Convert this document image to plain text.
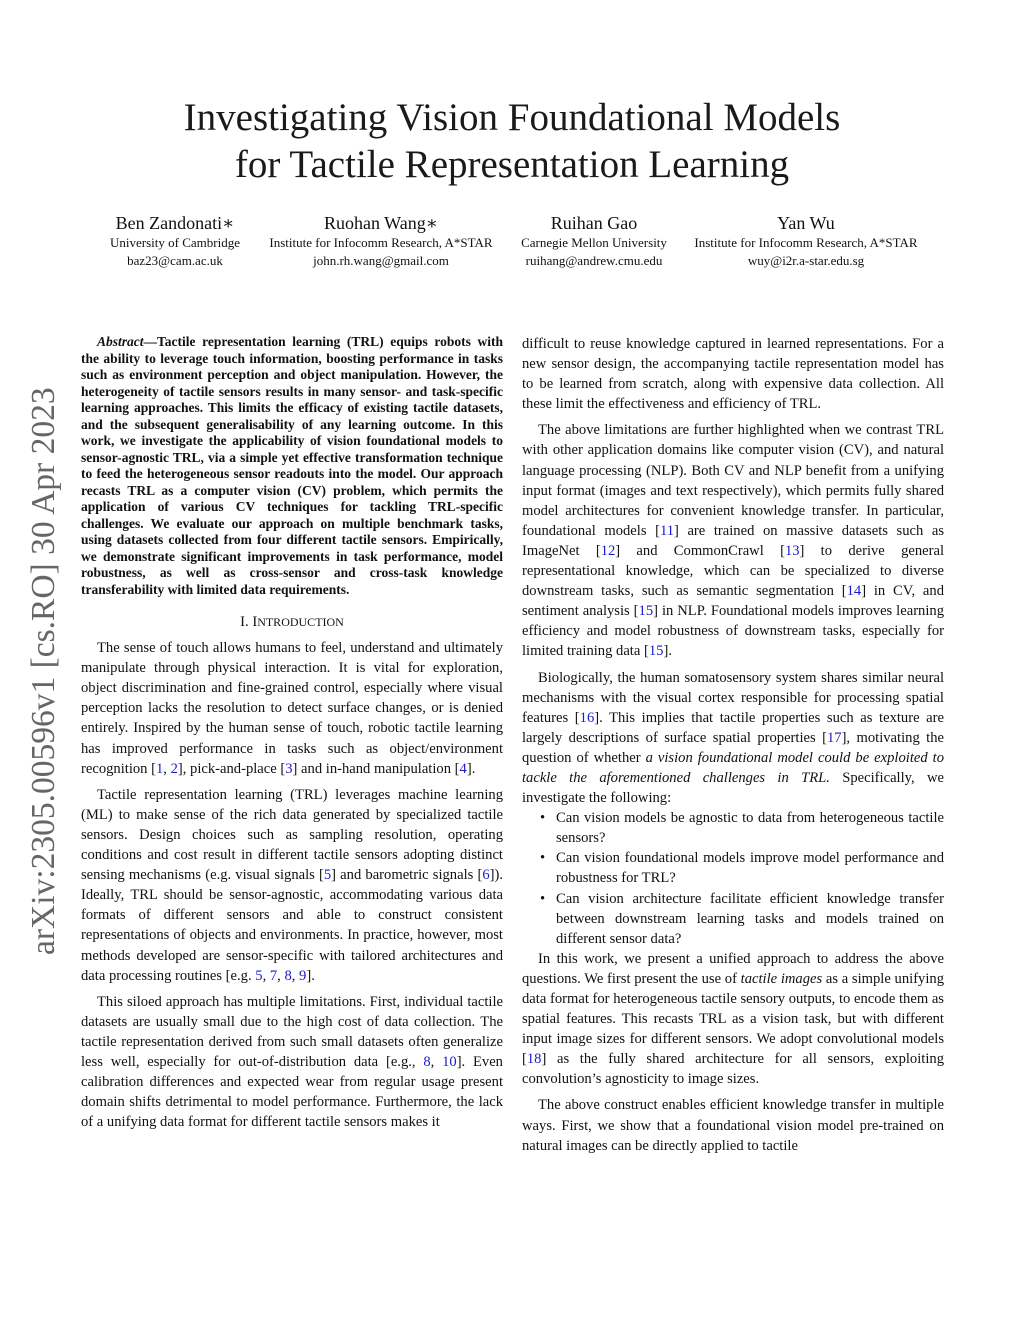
Investigating Vision Foundational Models
for Tactile Representation Learning
Ben Zandonati∗
University of Cambridge
baz23@cam.ac.uk
Ruohan Wang∗
Institute for Infocomm Research, A*STAR
john.rh.wang@gmail.com
Ruihan Gao
Carnegie Mellon University
ruihang@andrew.cmu.edu
Yan Wu
Institute for Infocomm Research, A*STAR
wuy@i2r.a-star.edu.sg
arXiv:2305.00596v1 [cs.RO] 30 Apr 2023

Abstract—Tactile representation learning (TRL) equips robots with the ability to leverage touch information, boosting performance in tasks such as environment perception and object manipulation. However, the heterogeneity of tactile sensors results in many sensor- and task-specific learning approaches. This limits the efficacy of existing tactile datasets, and the subsequent generalisability of any learning outcome. In this work, we investigate the applicability of vision foundational models to sensor-agnostic TRL, via a simple yet effective transformation technique to feed the heterogeneous sensor readouts into the model. Our approach recasts TRL as a computer vision (CV) problem, which permits the application of various CV techniques for tackling TRL-specific challenges. We evaluate our approach on multiple benchmark tasks, using datasets collected from four different tactile sensors. Empirically, we demonstrate significant improvements in task performance, model robustness, as well as cross-sensor and cross-task knowledge transferability with limited data requirements.

I. INTRODUCTION

The sense of touch allows humans to feel, understand and ultimately manipulate through physical interaction. It is vital for exploration, object discrimination and fine-grained control, especially where visual perception lacks the resolution to detect surface changes, or is denied entirely. Inspired by the human sense of touch, robotic tactile learning has improved performance in tasks such as object/environment recognition [1, 2], pick-and-place [3] and in-hand manipulation [4].

Tactile representation learning (TRL) leverages machine learning (ML) to make sense of the rich data generated by specialized tactile sensors. Design choices such as sampling resolution, operating conditions and cost result in different tactile sensors adopting distinct sensing mechanisms (e.g. visual signals [5] and barometric signals [6]). Ideally, TRL should be sensor-agnostic, accommodating various data formats of different sensors and able to construct consistent representations of objects and environments. In practice, however, most methods developed are sensor-specific with tailored architectures and data processing routines [e.g. 5, 7, 8, 9].

This siloed approach has multiple limitations. First, individual tactile datasets are usually small due to the high cost of data collection. The tactile representation derived from such small datasets often generalize less well, especially for out-of-distribution data [e.g., 8, 10]. Even calibration differences and expected wear from regular usage present domain shifts detrimental to model performance. Furthermore, the lack of a unifying data format for different tactile sensors makes it

difficult to reuse knowledge captured in learned representations. For a new sensor design, the accompanying tactile representation model has to be learned from scratch, along with expensive data collection. All these limit the effectiveness and efficiency of TRL.

The above limitations are further highlighted when we contrast TRL with other application domains like computer vision (CV), and natural language processing (NLP). Both CV and NLP benefit from a unifying input format (images and text respectively), which permits fully shared model architectures for convenient knowledge transfer. In particular, foundational models [11] are trained on massive datasets such as ImageNet [12] and CommonCrawl [13] to derive general representational knowledge, which can be specialized to diverse downstream tasks, such as semantic segmentation [14] in CV, and sentiment analysis [15] in NLP. Foundational models improves learning efficiency and model robustness of downstream tasks, especially for limited training data [15].

Biologically, the human somatosensory system shares similar neural mechanisms with the visual cortex responsible for processing spatial features [16]. This implies that tactile properties such as texture are largely descriptions of surface spatial properties [17], motivating the question of whether a vision foundational model could be exploited to tackle the aforementioned challenges in TRL. Specifically, we investigate the following:

• Can vision models be agnostic to data from heterogeneous tactile sensors?
• Can vision foundational models improve model performance and robustness for TRL?
• Can vision architecture facilitate efficient knowledge transfer between downstream learning tasks and models trained on different sensor data?

In this work, we present a unified approach to address the above questions. We first present the use of tactile images as a simple unifying data format for heterogeneous tactile sensory outputs, to encode them as spatial features. This recasts TRL as a vision task, but with different input image sizes for different sensors. We adopt convolutional models [18] as the fully shared architecture for all sensors, exploiting convolution’s agnosticity to image sizes.

The above construct enables efficient knowledge transfer in multiple ways. First, we show that a foundational vision model pre-trained on natural images can be directly applied to tactile
